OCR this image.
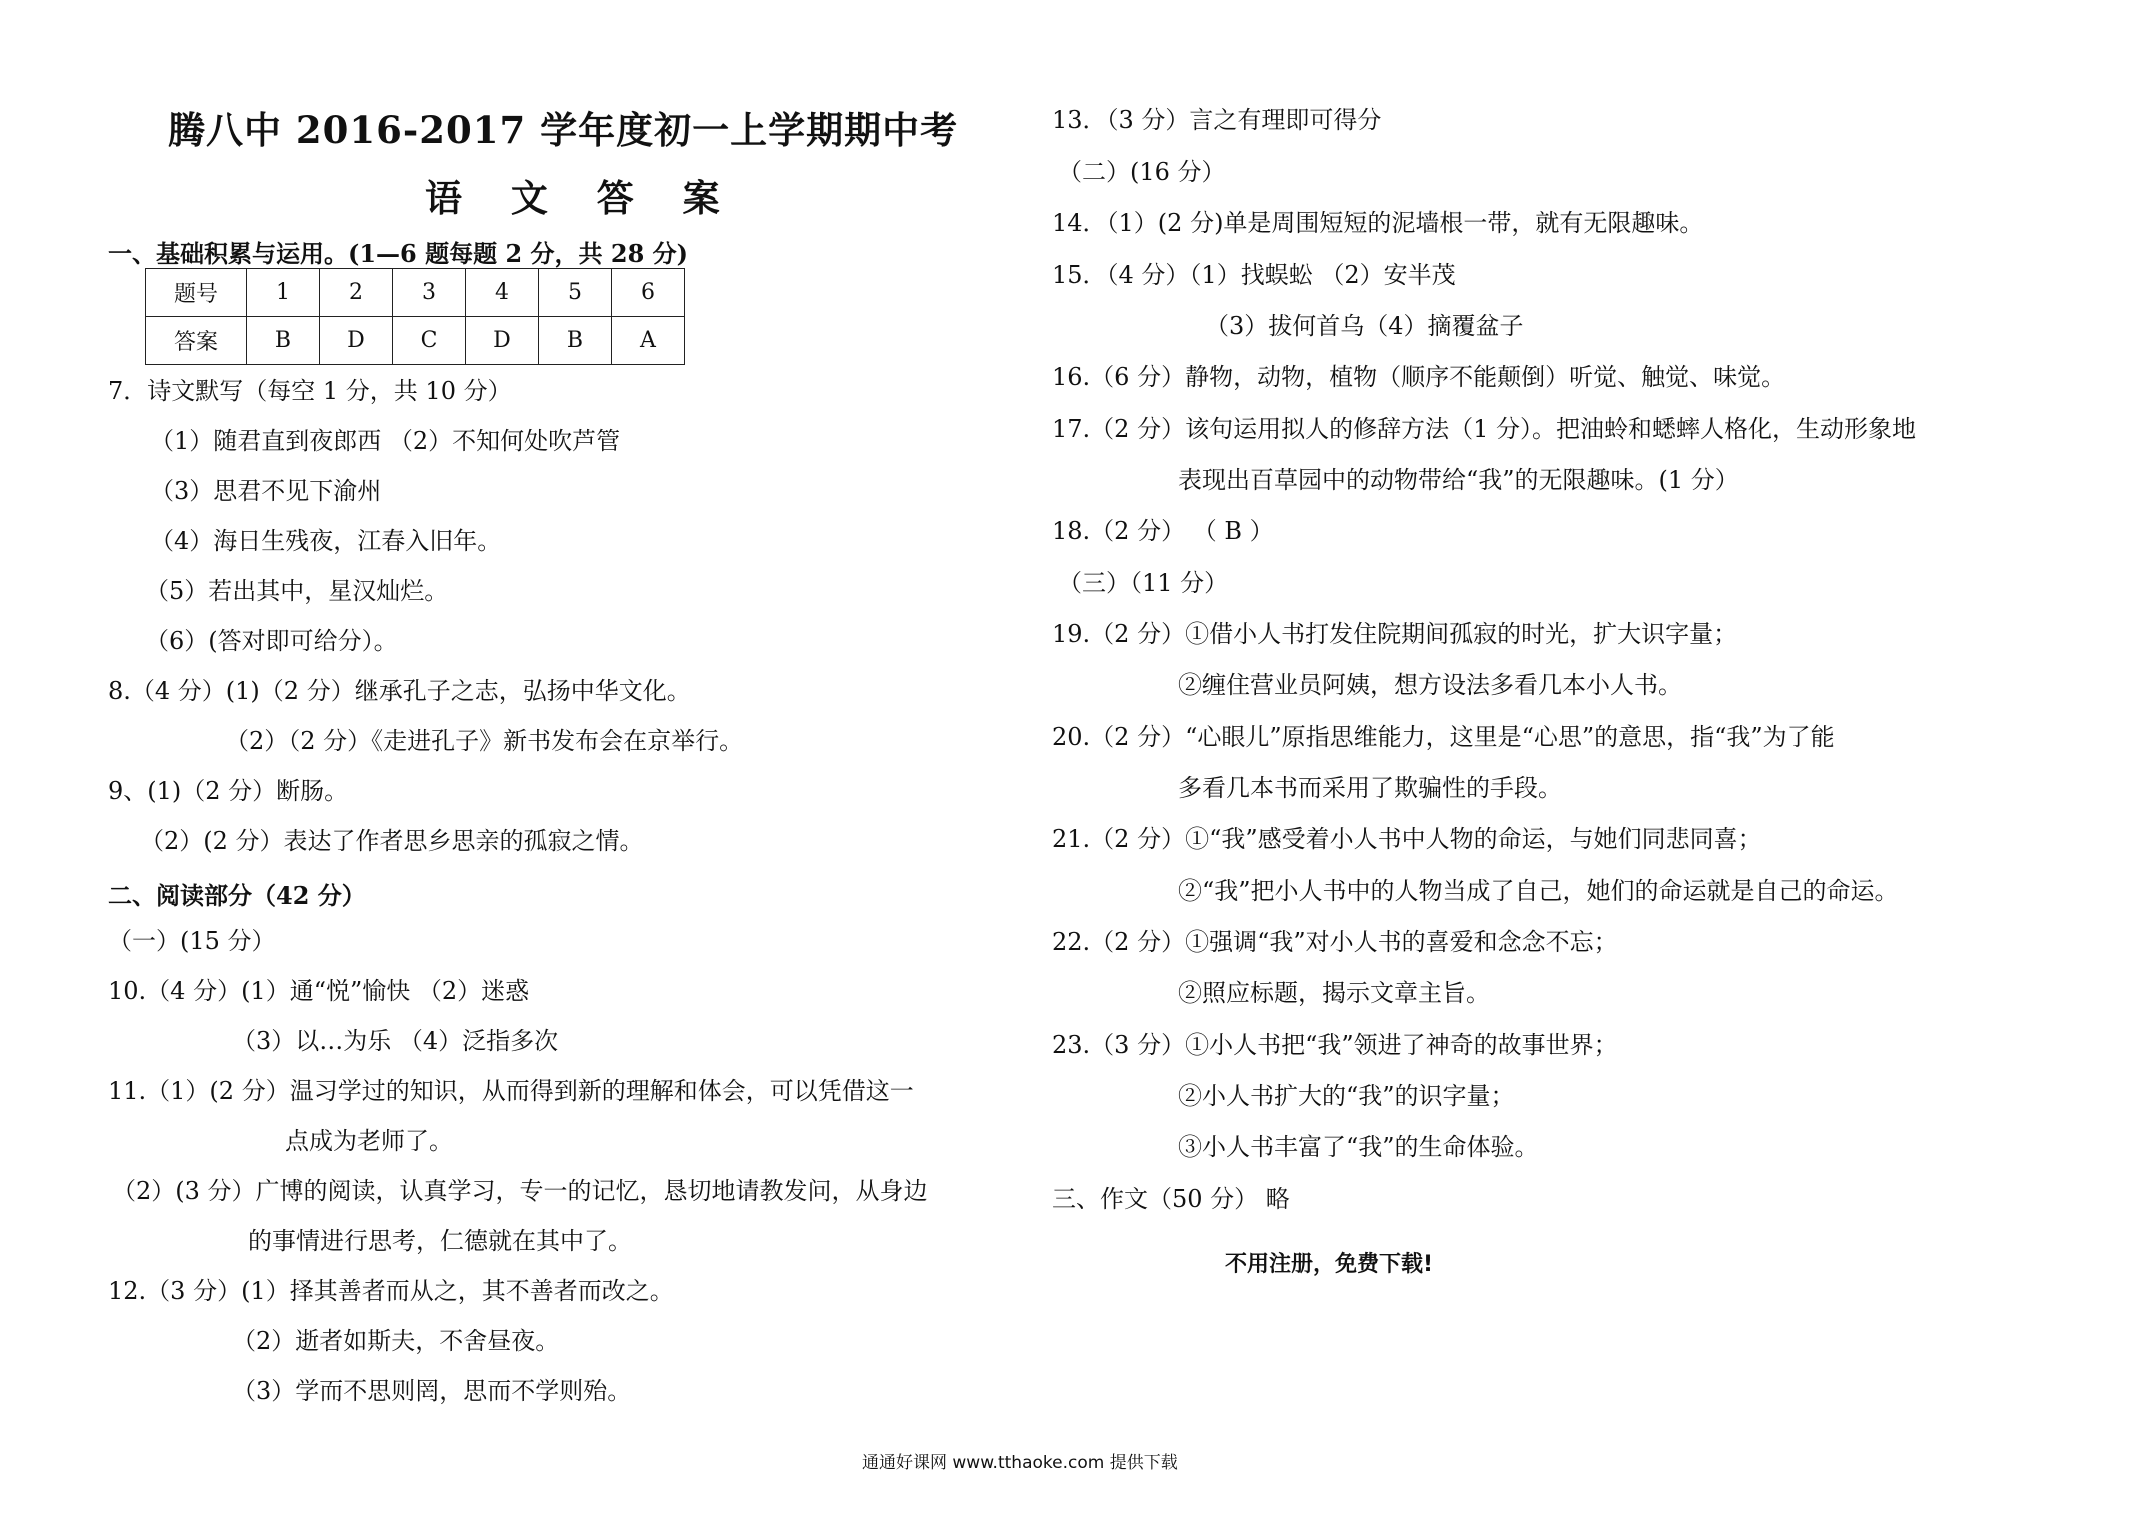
腾八中 2016-2017 学年度初一上学期期中考
语 文 答 案
一、基础积累与运用。(1—6 题每题 2 分，共 28 分)
题号	1	2	3	4	5	6
答案	B	D	C	D	B	A
7．诗文默写（每空 1 分，共 10 分）
（1）随君直到夜郎西 （2）不知何处吹芦管
（3）思君不见下渝州
（4）海日生残夜，江春入旧年。
（5）若出其中，星汉灿烂。
（6）(答对即可给分）。
8.（4 分）(1)（2 分）继承孔子之志，弘扬中华文化。
（2）（2 分）《走进孔子》新书发布会在京举行。
9、(1)（2 分）断肠。
（2）(2 分）表达了作者思乡思亲的孤寂之情。
二、阅读部分（42 分）
（一）(15 分）
10.（4 分）(1）通“悦”愉快 （2）迷惑
（3）以…为乐 （4）泛指多次
11.（1）(2 分）温习学过的知识，从而得到新的理解和体会，可以凭借这一
点成为老师了。
（2）(3 分）广博的阅读，认真学习，专一的记忆，恳切地请教发问，从身边
的事情进行思考，仁德就在其中了。
12.（3 分）(1）择其善者而从之，其不善者而改之。
（2）逝者如斯夫，不舍昼夜。
（3）学而不思则罔，思而不学则殆。
13．（3 分）言之有理即可得分
（二）(16 分）
14．（1）(2 分)单是周围短短的泥墙根一带，就有无限趣味。
15．（4 分）（1）找蜈蚣 （2）安半茂
（3）拔何首乌（4）摘覆盆子
16.（6 分）静物，动物，植物（顺序不能颠倒）听觉、触觉、味觉。
17.（2 分）该句运用拟人的修辞方法（1 分）。把油蛉和蟋蟀人格化，生动形象地
表现出百草园中的动物带给“我”的无限趣味。(1 分）
18.（2 分） （ B ）
（三）（11 分）
19.（2 分）①借小人书打发住院期间孤寂的时光，扩大识字量；
②缠住营业员阿姨，想方设法多看几本小人书。
20.（2 分）“心眼儿”原指思维能力，这里是“心思”的意思，指“我”为了能
多看几本书而采用了欺骗性的手段。
21.（2 分）①“我”感受着小人书中人物的命运，与她们同悲同喜；
②“我”把小人书中的人物当成了自己，她们的命运就是自己的命运。
22.（2 分）①强调“我”对小人书的喜爱和念念不忘；
②照应标题，揭示文章主旨。
23.（3 分）①小人书把“我”领进了神奇的故事世界；
②小人书扩大的“我”的识字量；
③小人书丰富了“我”的生命体验。
三、作文（50 分） 略
不用注册，免费下载!
通通好课网 www.tthaoke.com 提供下载
